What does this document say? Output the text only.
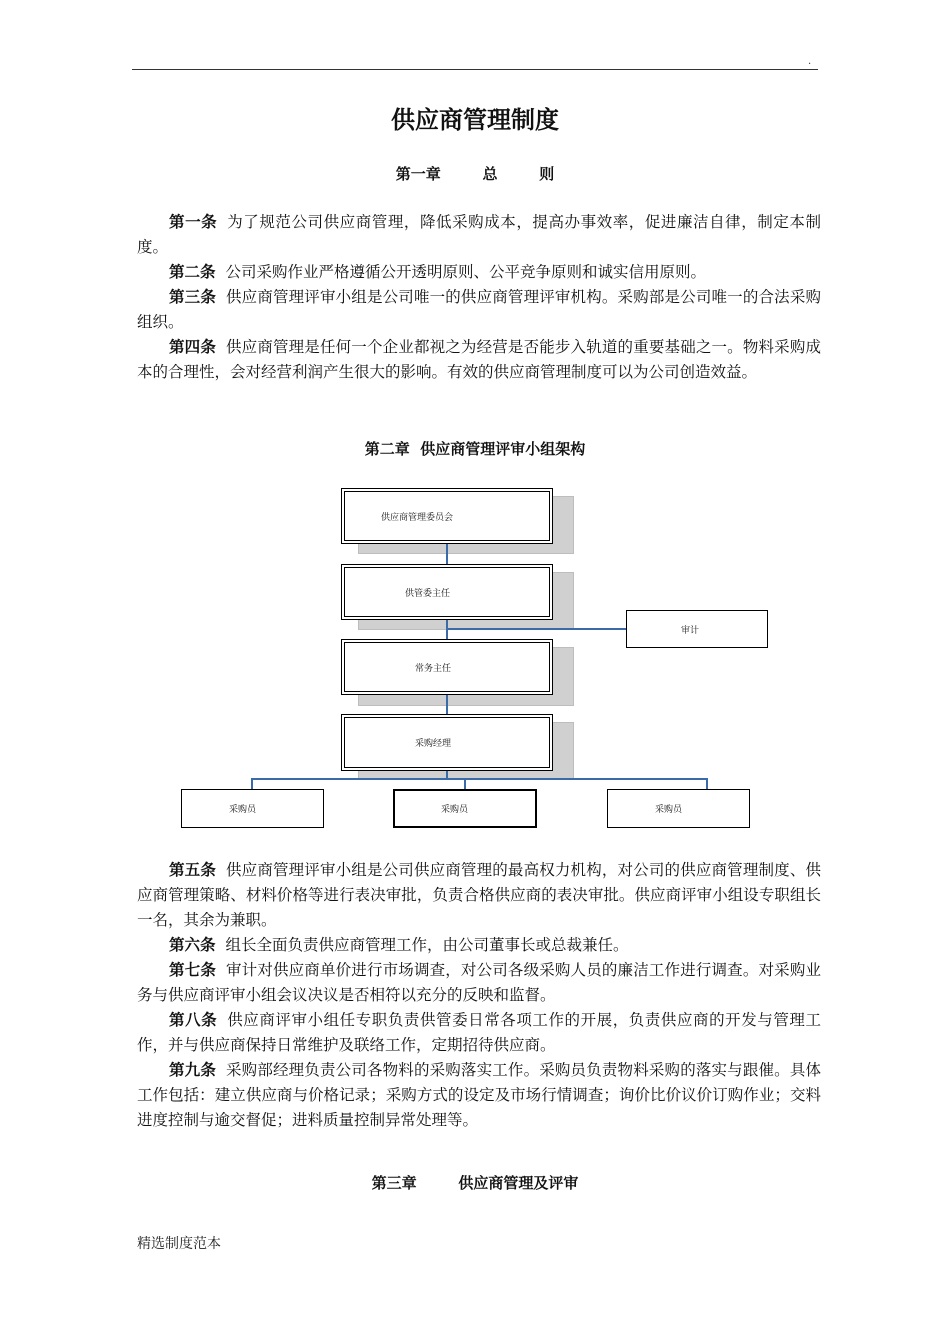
.
供应商管理制度
第一章        总        则

第一条 为了规范公司供应商管理，降低采购成本，提高办事效率，促进廉洁自律，制定本制度。

第二条 公司采购作业严格遵循公开透明原则、公平竞争原则和诚实信用原则。

第三条 供应商管理评审小组是公司唯一的供应商管理评审机构。采购部是公司唯一的合法采购组织。

第四条 供应商管理是任何一个企业都视之为经营是否能步入轨道的重要基础之一。物料采购成本的合理性，会对经营利润产生很大的影响。有效的供应商管理制度可以为公司创造效益。

第二章  供应商管理评审小组架构
供应商管理委员会
供管委主任
审计
常务主任
采购经理
采购员	采购员	采购员

第五条 供应商管理评审小组是公司供应商管理的最高权力机构，对公司的供应商管理制度、供应商管理策略、材料价格等进行表决审批，负责合格供应商的表决审批。供应商评审小组设专职组长一名，其余为兼职。

第六条 组长全面负责供应商管理工作，由公司董事长或总裁兼任。

第七条 审计对供应商单价进行市场调查，对公司各级采购人员的廉洁工作进行调查。对采购业务与供应商评审小组会议决议是否相符以充分的反映和监督。

第八条 供应商评审小组任专职负责供管委日常各项工作的开展，负责供应商的开发与管理工作，并与供应商保持日常维护及联络工作，定期招待供应商。

第九条 采购部经理负责公司各物料的采购落实工作。采购员负责物料采购的落实与跟催。具体工作包括：建立供应商与价格记录；采购方式的设定及市场行情调查；询价比价议价订购作业；交料进度控制与逾交督促；进料质量控制异常处理等。

第三章        供应商管理及评审
精选制度范本
